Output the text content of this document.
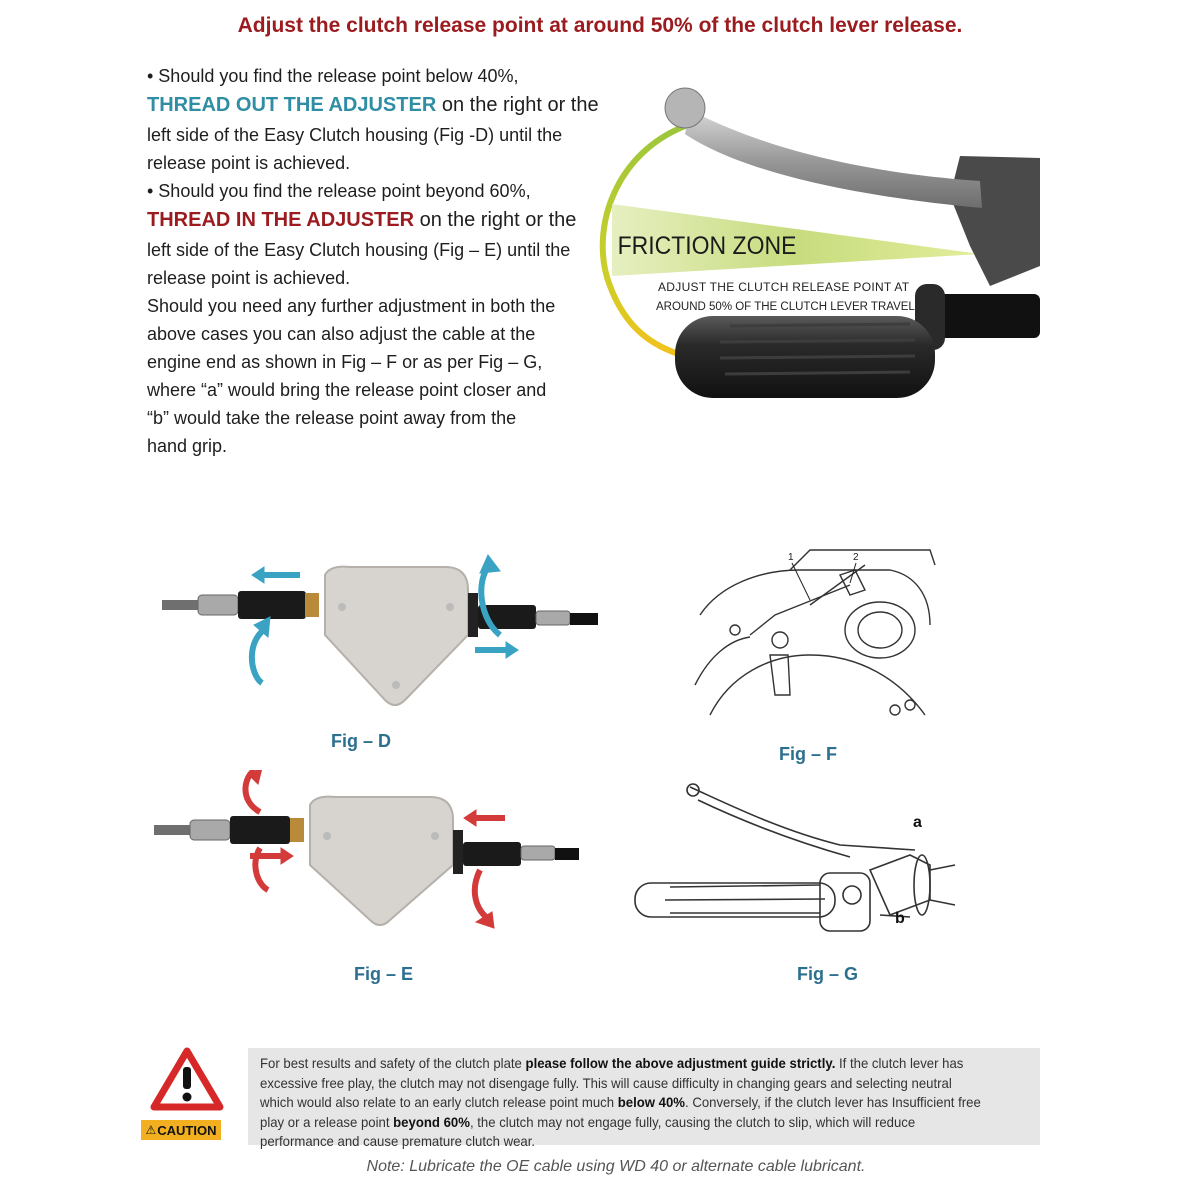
Adjust the clutch release point at around 50% of the clutch lever release.
• Should you find the release point below 40%,
THREAD OUT THE ADJUSTER on the right or the
left side of the Easy Clutch housing (Fig -D) until the
release point is achieved.
• Should you find the release point beyond 60%,
THREAD IN THE ADJUSTER on the right or the
left side of the Easy Clutch housing (Fig – E) until the
release point is achieved.
Should you need any further adjustment in both the
above cases you can also adjust the cable at the
engine end as shown in Fig – F or as per Fig – G,
where “a” would bring the release point closer and
“b” would take the release point away from the
hand grip.
FRICTION ZONE
ADJUST THE CLUTCH RELEASE POINT AT
AROUND 50% OF THE CLUTCH LEVER TRAVEL
Fig – D
Fig – E
1	2
Fig – F
a
b
Fig – G
⚠ CAUTION
For best results and safety of the clutch plate please follow the above adjustment guide strictly. If the clutch lever has excessive free play, the clutch may not disengage fully. This will cause difficulty in changing gears and selecting neutral which would also relate to an early clutch release point much below 40%. Conversely, if the clutch lever has Insufficient free play or a release point beyond 60%, the clutch may not engage fully, causing the clutch to slip, which will reduce performance and cause premature clutch wear.
Note: Lubricate the OE cable using WD 40 or alternate cable lubricant.
